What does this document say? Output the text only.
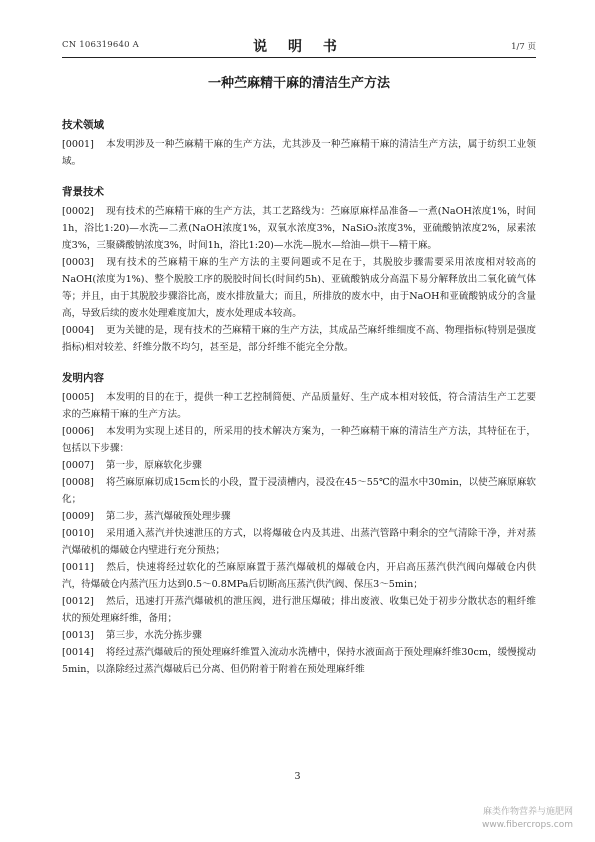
CN 106319640 A	说 明 书	1/7 页
一种苎麻精干麻的清洁生产方法
技术领域

[0001] 本发明涉及一种苎麻精干麻的生产方法，尤其涉及一种苎麻精干麻的清洁生产方法，属于纺织工业领域。

背景技术

[0002] 现有技术的苎麻精干麻的生产方法，其工艺路线为：苎麻原麻样品准备—一煮(NaOH浓度1%，时间1h，浴比1:20)—水洗—二煮(NaOH浓度1%，双氧水浓度3%，NaSiO₃浓度3%，亚硫酸钠浓度2%，尿素浓度3%，三聚磷酸钠浓度3%，时间1h，浴比1:20)—水洗—脱水—给油—烘干—精干麻。

[0003] 现有技术的苎麻精干麻的生产方法的主要问题或不足在于，其脱胶步骤需要采用浓度相对较高的NaOH(浓度为1%)、整个脱胶工序的脱胶时间长(时间约5h)、亚硫酸钠成分高温下易分解释放出二氧化硫气体等；并且，由于其脱胶步骤浴比高，废水排放量大；而且，所排放的废水中，由于NaOH和亚硫酸钠成分的含量高，导致后续的废水处理难度加大，废水处理成本较高。

[0004] 更为关键的是，现有技术的苎麻精干麻的生产方法，其成品苎麻纤维细度不高、物理指标(特别是强度指标)相对较差、纤维分散不均匀，甚至是，部分纤维不能完全分散。

发明内容

[0005] 本发明的目的在于，提供一种工艺控制简便、产品质量好、生产成本相对较低，符合清洁生产工艺要求的苎麻精干麻的生产方法。

[0006] 本发明为实现上述目的，所采用的技术解决方案为，一种苎麻精干麻的清洁生产方法，其特征在于，包括以下步骤：

[0007] 第一步，原麻软化步骤

[0008] 将苎麻原麻切成15cm长的小段，置于浸渍槽内，浸没在45～55℃的温水中30min，以使苎麻原麻软化；

[0009] 第二步，蒸汽爆破预处理步骤

[0010] 采用通入蒸汽并快速泄压的方式，以将爆破仓内及其进、出蒸汽管路中剩余的空气清除干净，并对蒸汽爆破机的爆破仓内壁进行充分预热；

[0011] 然后，快速将经过软化的苎麻原麻置于蒸汽爆破机的爆破仓内，开启高压蒸汽供汽阀向爆破仓内供汽，待爆破仓内蒸汽压力达到0.5～0.8MPa后切断高压蒸汽供汽阀、保压3～5min；

[0012] 然后，迅速打开蒸汽爆破机的泄压阀，进行泄压爆破；排出废液、收集已处于初步分散状态的粗纤维状的预处理麻纤维，备用；

[0013] 第三步，水洗分拣步骤

[0014] 将经过蒸汽爆破后的预处理麻纤维置入流动水洗槽中，保持水液面高于预处理麻纤维30cm，缓慢搅动5min，以涤除经过蒸汽爆破后已分离、但仍附着于附着在预处理麻纤维

3
麻类作物营养与施肥网
www.fibercrops.com
